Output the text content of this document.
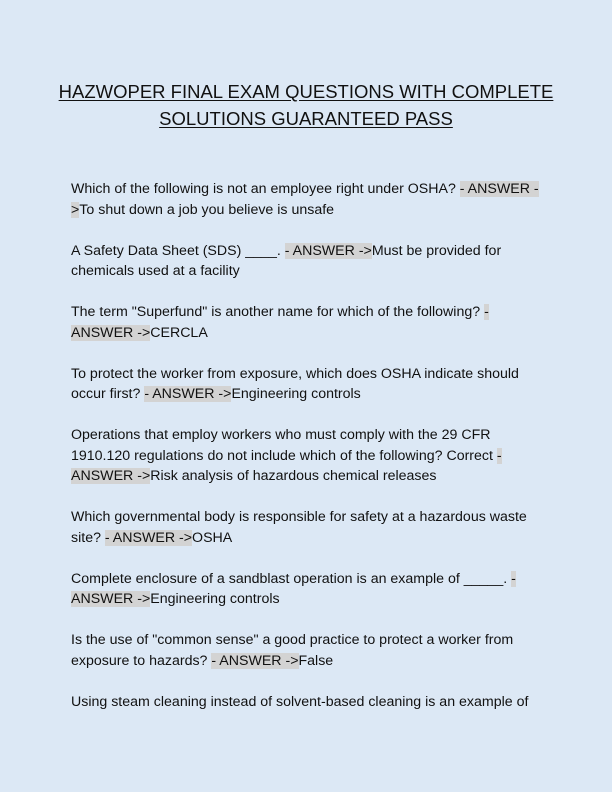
HAZWOPER FINAL EXAM QUESTIONS WITH COMPLETE
SOLUTIONS GUARANTEED PASS

Which of the following is not an employee right under OSHA? - ANSWER ->To shut down a job you believe is unsafe

A Safety Data Sheet (SDS) ____. - ANSWER ->Must be provided for chemicals used at a facility

The term "Superfund" is another name for which of the following? - ANSWER ->CERCLA

To protect the worker from exposure, which does OSHA indicate should occur first? - ANSWER ->Engineering controls

Operations that employ workers who must comply with the 29 CFR 1910.120 regulations do not include which of the following? Correct - ANSWER ->Risk analysis of hazardous chemical releases

Which governmental body is responsible for safety at a hazardous waste site? - ANSWER ->OSHA

Complete enclosure of a sandblast operation is an example of _____. - ANSWER ->Engineering controls

Is the use of "common sense" a good practice to protect a worker from exposure to hazards? - ANSWER ->False

Using steam cleaning instead of solvent-based cleaning is an example of
